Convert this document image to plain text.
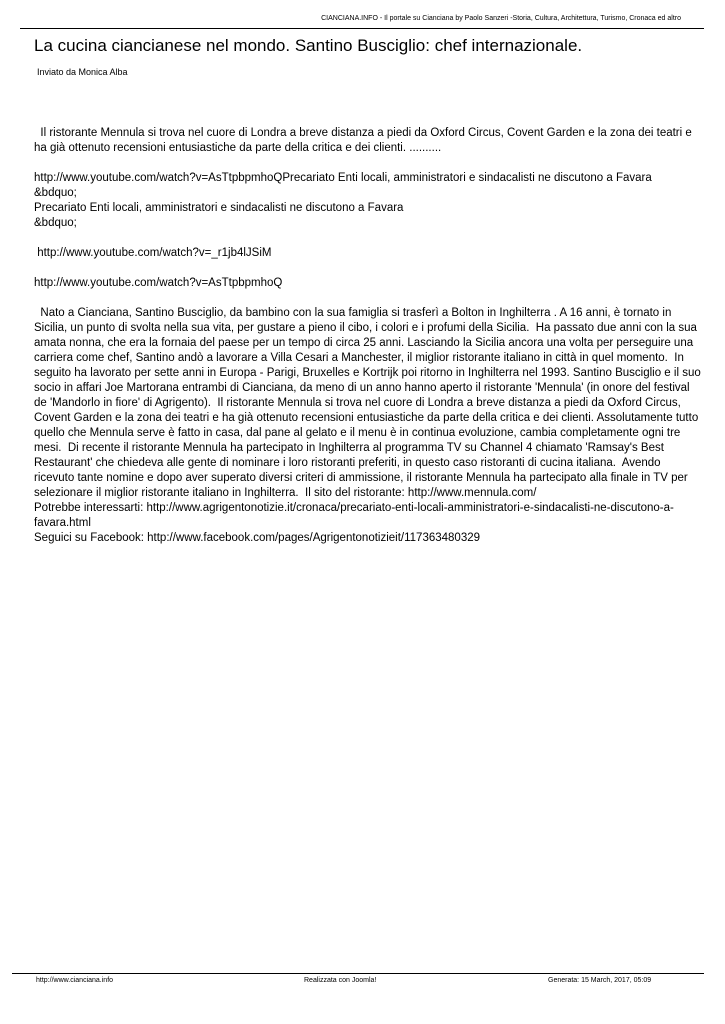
CIANCIANA.INFO - Il portale su Cianciana by Paolo Sanzeri -Storia, Cultura, Architettura, Turismo, Cronaca ed altro
La cucina ciancianese nel mondo. Santino Busciglio: chef internazionale.
Inviato da Monica Alba

Il ristorante Mennula si trova nel cuore di Londra a breve distanza a piedi da Oxford Circus, Covent Garden e la zona dei teatri e ha già ottenuto recensioni entusiastiche da parte della critica e dei clienti. ..........

http://www.youtube.com/watch?v=AsTtpbpmhoQPrecariato Enti locali, amministratori e sindacalisti ne discutono a Favara
&bdquo;
Precariato Enti locali, amministratori e sindacalisti ne discutono a Favara
&bdquo;

http://www.youtube.com/watch?v=_r1jb4lJSiM

http://www.youtube.com/watch?v=AsTtpbpmhoQ

Nato a Cianciana, Santino Busciglio, da bambino con la sua famiglia si trasferì a Bolton in Inghilterra . A 16 anni, è tornato in Sicilia, un punto di svolta nella sua vita, per gustare a pieno il cibo, i colori e i profumi della Sicilia.  Ha passato due anni con la sua amata nonna, che era la fornaia del paese per un tempo di circa 25 anni. Lasciando la Sicilia ancora una volta per perseguire una carriera come chef, Santino andò a lavorare a Villa Cesari a Manchester, il miglior ristorante italiano in città in quel momento.  In seguito ha lavorato per sette anni in Europa - Parigi, Bruxelles e Kortrijk poi ritorno in Inghilterra nel 1993. Santino Busciglio e il suo socio in affari Joe Martorana entrambi di Cianciana, da meno di un anno hanno aperto il ristorante 'Mennula' (in onore del festival de 'Mandorlo in fiore' di Agrigento).  Il ristorante Mennula si trova nel cuore di Londra a breve distanza a piedi da Oxford Circus, Covent Garden e la zona dei teatri e ha già ottenuto recensioni entusiastiche da parte della critica e dei clienti. Assolutamente tutto quello che Mennula serve è fatto in casa, dal pane al gelato e il menu è in continua evoluzione, cambia completamente ogni tre mesi.  Di recente il ristorante Mennula ha partecipato in Inghilterra al programma TV su Channel 4 chiamato 'Ramsay's Best Restaurant' che chiedeva alle gente di nominare i loro ristoranti preferiti, in questo caso ristoranti di cucina italiana.  Avendo ricevuto tante nomine e dopo aver superato diversi criteri di ammissione, il ristorante Mennula ha partecipato alla finale in TV per selezionare il miglior ristorante italiano in Inghilterra.  Il sito del ristorante: http://www.mennula.com/

Potrebbe interessarti: http://www.agrigentonotizie.it/cronaca/precariato-enti-locali-amministratori-e-sindacalisti-ne-discutono-a-favara.html

Seguici su Facebook: http://www.facebook.com/pages/Agrigentonotizieit/117363480329

http://www.cianciana.info	Realizzata con Joomla!	Generata: 15 March, 2017, 05:09
